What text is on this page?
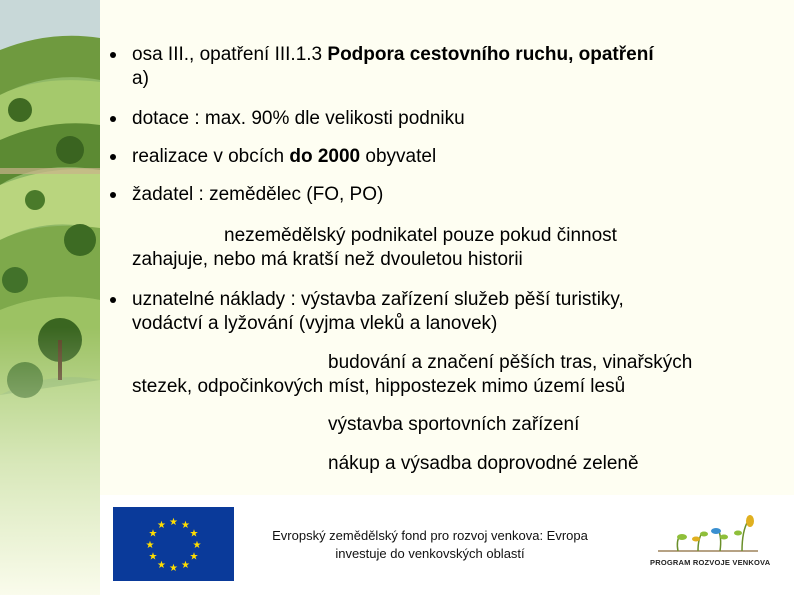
osa III., opatření III.1.3 Podpora cestovního ruchu, opatření
a)
dotace : max. 90% dle velikosti podniku
realizace v obcích do 2000 obyvatel
žadatel : zemědělec (FO, PO)
nezemědělský podnikatel pouze pokud činnost
zahajuje, nebo má kratší než dvouletou historii
uznatelné náklady : výstavba zařízení služeb pěší turistiky,
vodáctví a lyžování (vyjma vleků a lanovek)
budování a značení pěších tras, vinařských
stezek, odpočinkových míst, hippostezek mimo území lesů
výstavba sportovních zařízení
nákup a výsadba doprovodné zeleně
★ ★
★
★
★
★
★
★
★
★
★
★
Evropský zemědělský fond pro rozvoj venkova: Evropa
investuje do venkovských oblastí
PROGRAM ROZVOJE VENKOVA
